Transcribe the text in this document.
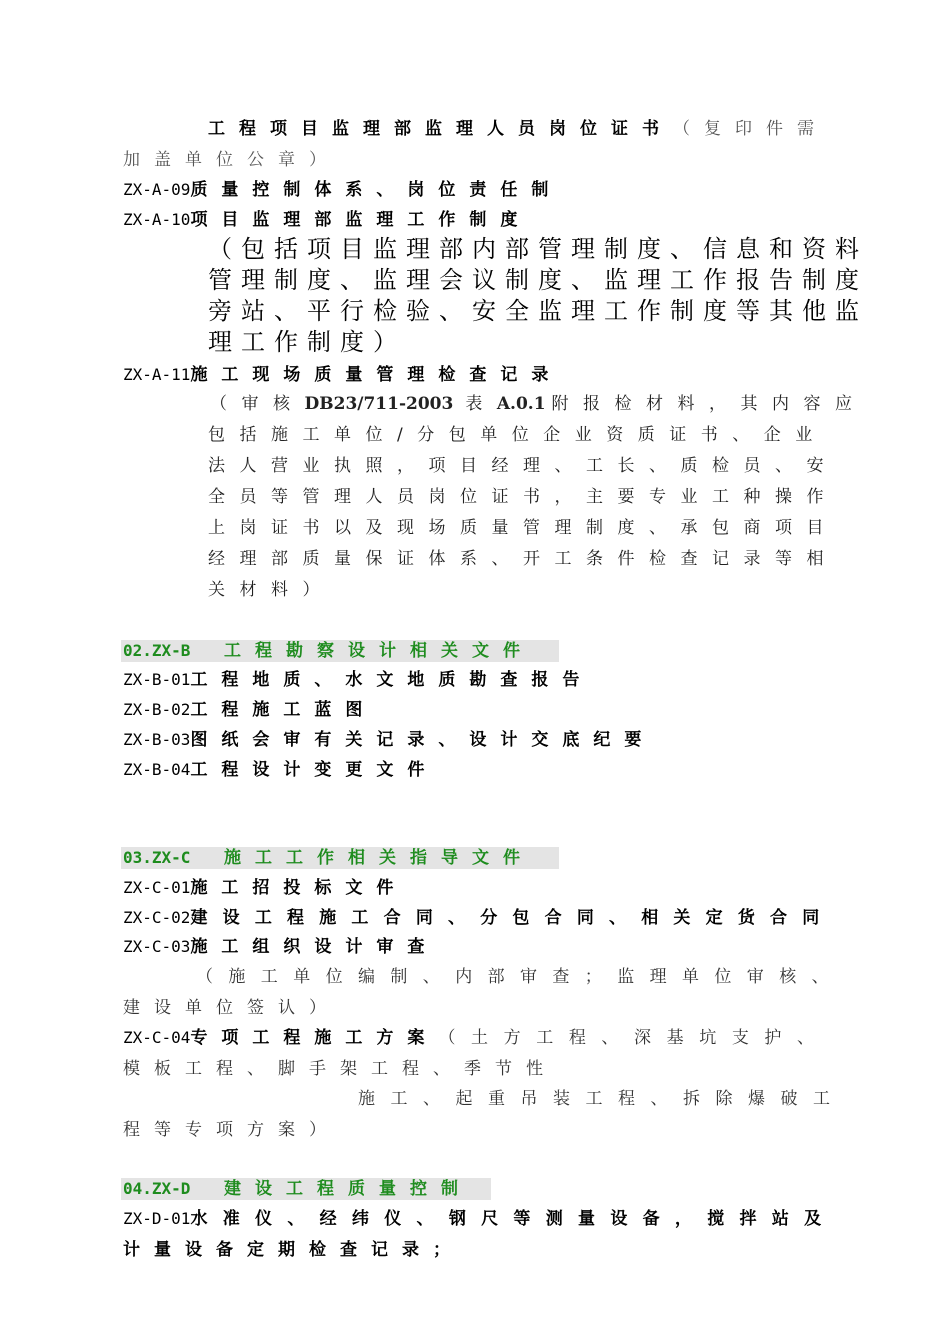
工程项目监理部监理人员岗位证书（复印件需
加盖单位公章）
ZX-A-09质量控制体系、岗位责任制
ZX-A-10项目监理部监理工作制度
（包括项目监理部内部管理制度、信息和资料
管理制度、监理会议制度、监理工作报告制度
旁站、平行检验、安全监理工作制度等其他监
理工作制度）
ZX-A-11施工现场质量管理检查记录
（审核DB23/711-2003 表A.0.1 附报检材料，其内容应
包括施工单位/分包单位企业资质证书、企业
法人营业执照，项目经理、工长、质检员、安
全员等管理人员岗位证书，主要专业工种操作
上岗证书以及现场质量管理制度、承包商项目
经理部质量保证体系、开工条件检查记录等相
关材料）
02.ZX-B 工程勘察设计相关文件
ZX-B-01工程地质、水文地质勘查报告
ZX-B-02工程施工蓝图
ZX-B-03图纸会审有关记录、设计交底纪要
ZX-B-04工程设计变更文件
03.ZX-C 施工工作相关指导文件
ZX-C-01施工招投标文件
ZX-C-02建设工程施工合同、分包合同、相关定货合同
ZX-C-03施工组织设计审查
（施工单位编制、内部审查；监理单位审核、
建设单位签认）
ZX-C-04专项工程施工方案（土方工程、深基坑支护、
模板工程、脚手架工程、季节性
施工、起重吊装工程、拆除爆破工
程等专项方案）
04.ZX-D 建设工程质量控制
ZX-D-01水准仪、经纬仪、钢尺等测量设备，搅拌站及
计量设备定期检查记录；
